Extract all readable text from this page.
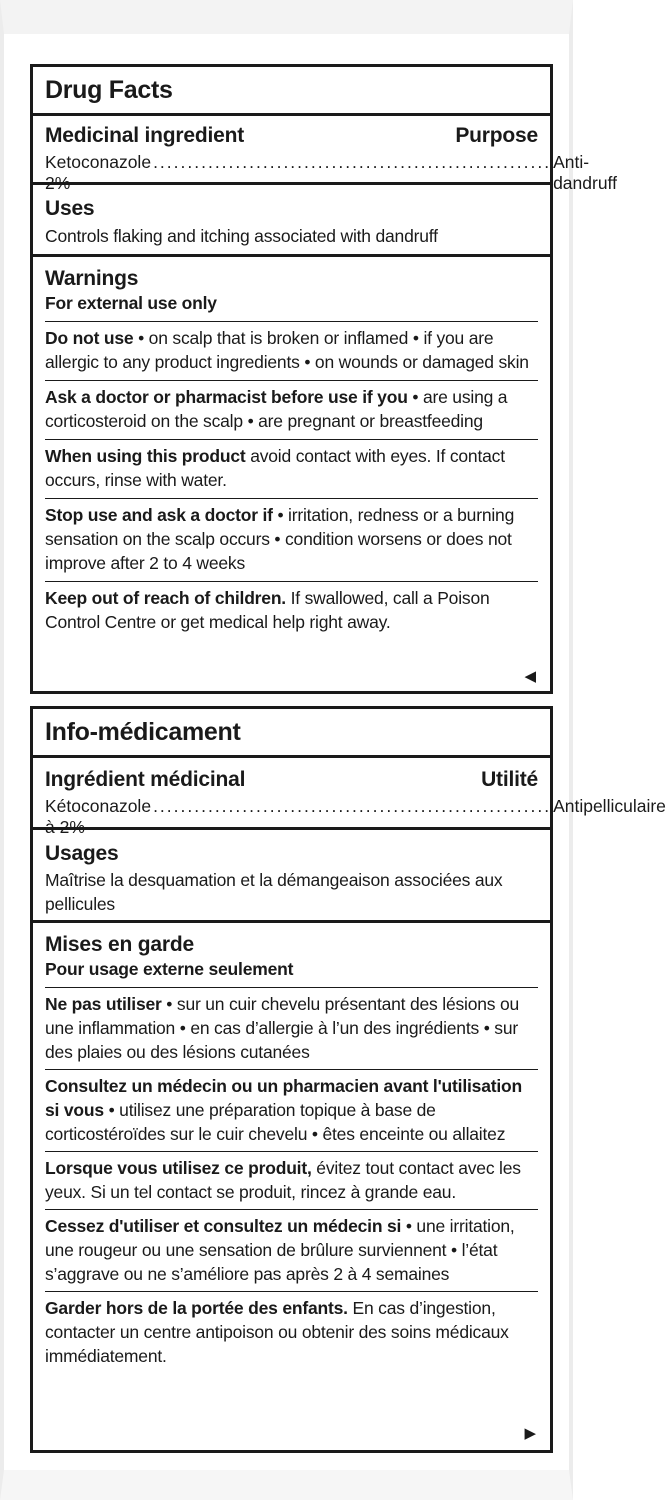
Drug Facts
Medicinal ingredient	Purpose
Ketoconazole 2%
.......................................................... Anti-dandruff
Uses
Controls flaking and itching associated with dandruff
Warnings
For external use only
Do not use • on scalp that is broken or inflamed • if you are allergic to any product ingredients • on wounds or damaged skin
Ask a doctor or pharmacist before use if you • are using a corticosteroid on the scalp • are pregnant or breastfeeding
When using this product avoid contact with eyes. If contact occurs, rinse with water.
Stop use and ask a doctor if • irritation, redness or a burning sensation on the scalp occurs • condition worsens or does not improve after 2 to 4 weeks
Keep out of reach of children. If swallowed, call a Poison Control Centre or get medical help right away.
◀
Info-médicament
Ingrédient médicinal	Utilité
Kétoconazole à 2%
.......................................................... Antipelliculaire
Usages
Maîtrise la desquamation et la démangeaison associées aux pellicules
Mises en garde
Pour usage externe seulement
Ne pas utiliser • sur un cuir chevelu présentant des lésions ou une inflammation • en cas d’allergie à l’un des ingrédients • sur des plaies ou des lésions cutanées
Consultez un médecin ou un pharmacien avant l'utilisation si vous • utilisez une préparation topique à base de corticostéroïdes sur le cuir chevelu • êtes enceinte ou allaitez
Lorsque vous utilisez ce produit, évitez tout contact avec les yeux. Si un tel contact se produit, rincez à grande eau.
Cessez d'utiliser et consultez un médecin si • une irritation, une rougeur ou une sensation de brûlure surviennent • l’état s’aggrave ou ne s’améliore pas après 2 à 4 semaines
Garder hors de la portée des enfants. En cas d’ingestion, contacter un centre antipoison ou obtenir des soins médicaux immédiatement.
▶
